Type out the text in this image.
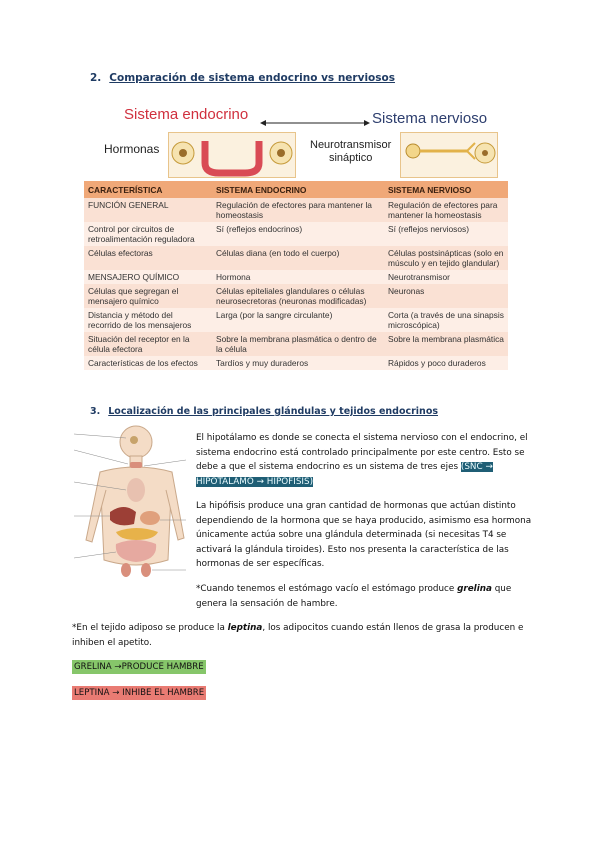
2. Comparación de sistema endocrino vs nerviosos
Sistema endocrino
Hormonas
Sistema nervioso
Neurotransmisor
sináptico
CARACTERÍSTICA	SISTEMA ENDOCRINO	SISTEMA NERVIOSO
FUNCIÓN GENERAL	Regulación de efectores para mantener la homeostasis	Regulación de efectores para mantener la homeostasis
Control por circuitos de retroalimentación reguladora	Sí (reflejos endocrinos)	Sí (reflejos nerviosos)
Células efectoras	Células diana (en todo el cuerpo)	Células postsinápticas (solo en músculo y en tejido glandular)
MENSAJERO QUÍMICO	Hormona	Neurotransmisor
Células que segregan el mensajero químico	Células epiteliales glandulares o células neurosecretoras (neuronas modificadas)	Neuronas
Distancia y método del recorrido de los mensajeros	Larga (por la sangre circulante)	Corta (a través de una sinapsis microscópica)
Situación del receptor en la célula efectora	Sobre la membrana plasmática o dentro de la célula	Sobre la membrana plasmática
Características de los efectos	Tardíos y muy duraderos	Rápidos y poco duraderos
3. Localización de las principales glándulas y tejidos endocrinos
El hipotálamo es donde se conecta el sistema nervioso con el endocrino, el sistema endocrino está controlado principalmente por este centro. Esto se debe a que el sistema endocrino es un sistema de tres ejes (SNC → HIPOTÁLAMO → HIPÓFISIS)
La hipófisis produce una gran cantidad de hormonas que actúan distinto dependiendo de la hormona que se haya producido, asimismo esa hormona únicamente actúa sobre una glándula determinada (si necesitas T4 se activará la glándula tiroides). Esto nos presenta la característica de las hormonas de ser específicas.
*Cuando tenemos el estómago vacío el estómago produce grelina que genera la sensación de hambre.
*En el tejido adiposo se produce la leptina, los adipocitos cuando están llenos de grasa la producen e inhiben el apetito.
GRELINA →PRODUCE HAMBRE
LEPTINA → INHIBE EL HAMBRE
